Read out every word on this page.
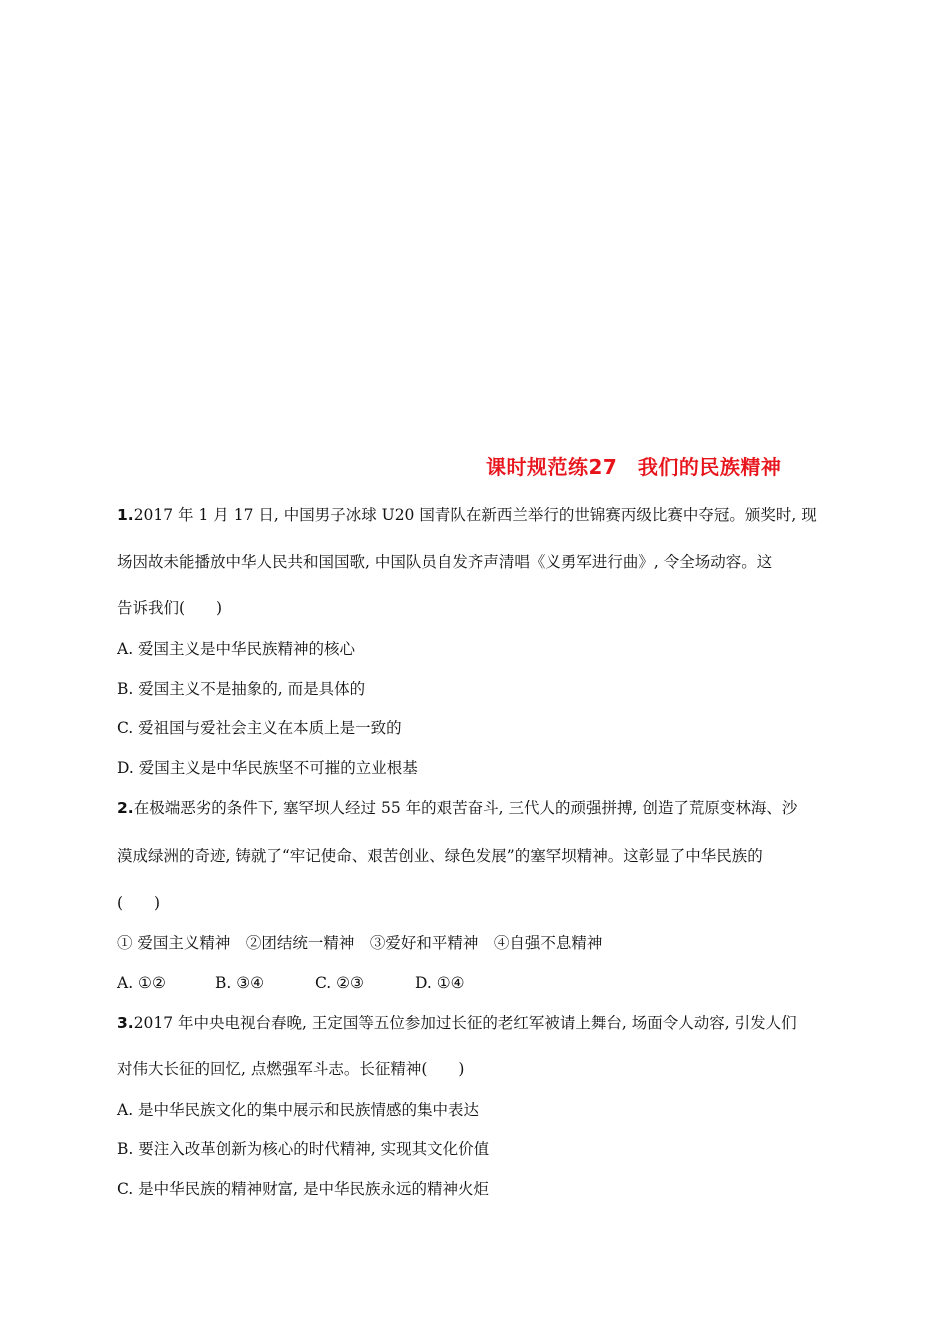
课时规范练27　我们的民族精神
1.2017 年 1 月 17 日, 中国男子冰球 U20 国青队在新西兰举行的世锦赛丙级比赛中夺冠。颁奖时, 现
场因故未能播放中华人民共和国国歌, 中国队员自发齐声清唱《义勇军进行曲》, 令全场动容。这
告诉我们(　　)
A. 爱国主义是中华民族精神的核心
B. 爱国主义不是抽象的, 而是具体的
C. 爱祖国与爱社会主义在本质上是一致的
D. 爱国主义是中华民族坚不可摧的立业根基
2.在极端恶劣的条件下, 塞罕坝人经过 55 年的艰苦奋斗, 三代人的顽强拼搏, 创造了荒原变林海、沙
漠成绿洲的奇迹, 铸就了“牢记使命、艰苦创业、绿色发展”的塞罕坝精神。这彰显了中华民族的
(　　)
① 爱国主义精神　②团结统一精神　③爱好和平精神　④自强不息精神
A. ①②	B. ③④	C. ②③	D. ①④
3.2017 年中央电视台春晚, 王定国等五位参加过长征的老红军被请上舞台, 场面令人动容, 引发人们
对伟大长征的回忆, 点燃强军斗志。长征精神(　　)
A. 是中华民族文化的集中展示和民族情感的集中表达
B. 要注入改革创新为核心的时代精神, 实现其文化价值
C. 是中华民族的精神财富, 是中华民族永远的精神火炬
